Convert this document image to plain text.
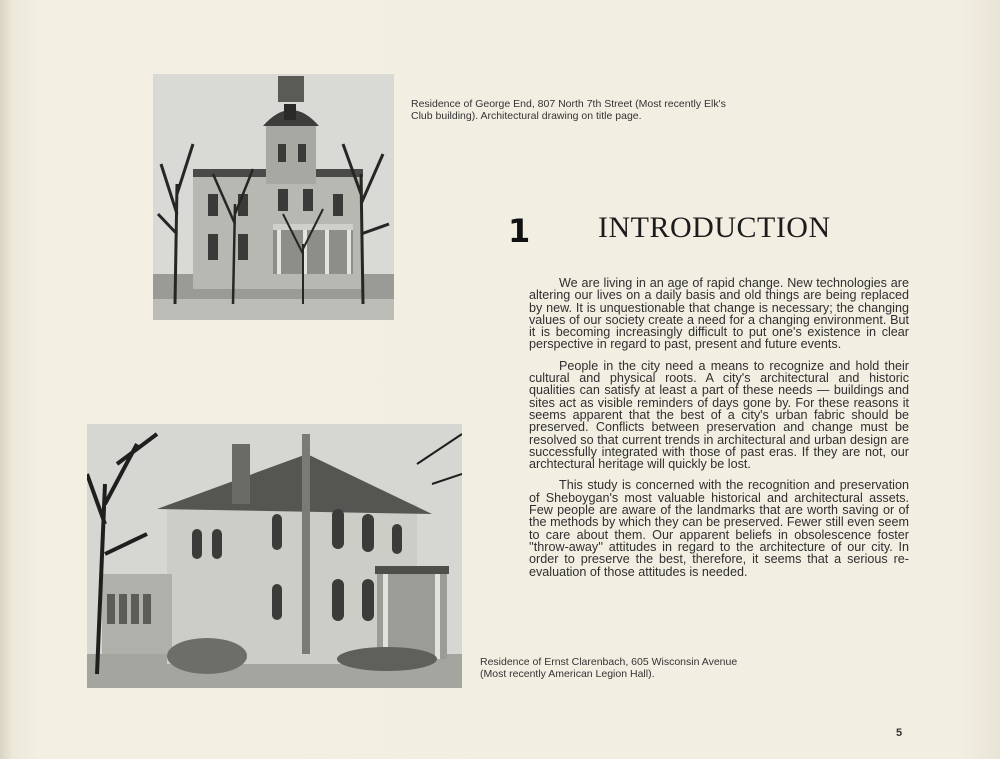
Residence of George End, 807 North 7th Street (Most recently Elk's Club building). Architectural drawing on title page.

1 INTRODUCTION

We are living in an age of rapid change. New technologies are altering our lives on a daily basis and old things are being replaced by new. It is unquestionable that change is necessary; the changing values of our society create a need for a changing environment. But it is becoming increasingly difficult to put one's existence in clear perspective in regard to past, present and future events.

People in the city need a means to recognize and hold their cultural and physical roots. A city's architectural and historic qualities can satisfy at least a part of these needs — buildings and sites act as visible reminders of days gone by. For these reasons it seems apparent that the best of a city's urban fabric should be preserved. Conflicts between preservation and change must be resolved so that current trends in architectural and urban design are successfully integrated with those of past eras. If they are not, our archtectural heritage will quickly be lost.

This study is concerned with the recognition and preservation of Sheboygan's most valuable historical and architectural assets. Few people are aware of the landmarks that are worth saving or of the methods by which they can be preserved. Fewer still even seem to care about them. Our apparent beliefs in obsolescence foster ''throw-away'' attitudes in regard to the architecture of our city. In order to preserve the best, therefore, it seems that a serious re-evaluation of those attitudes is needed.

Residence of Ernst Clarenbach, 605 Wisconsin Avenue (Most recently American Legion Hall).

5
